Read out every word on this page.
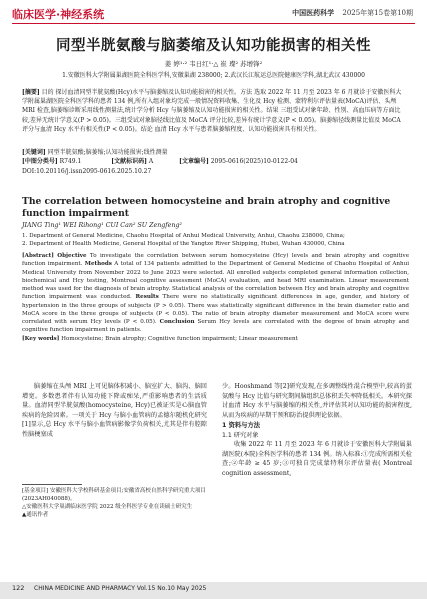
临床医学·神经系统	中国医药科学 2025年第15卷第10期
同型半胱氨酸与脑萎缩及认知功能损害的相关性
姜 婷¹·² 韦日红¹·△ 崔 璨² 苏增锋²
1.安徽医科大学附属巢湖医院全科医学科,安徽巢湖 238000; 2.武汉长江航运总医院健康医学科,湖北武汉 430000

[摘要] 目的 探讨血清同型半胱氨酸(Hcy)水平与脑萎缩及认知功能损害的相关性。方法 选取 2022 年 11 月至 2023 年 6 月就诊于安徽医科大学附属巢湖医院全科医学科的患者 134 例,所有入组对象均完成一般情况资料收集、生化及 Hcy 检测、蒙特利尔评估量表(MoCA)评估、头颅 MRI 检查,脑萎缩诊断采用线性测量法,统计学分析 Hcy 与脑萎缩及认知功能损害的相关性。结果 三组受试对象年龄、性别、高血压病等方面比较,差异无统计学意义(P > 0.05)。三组受试对象脑径线比值及 MoCA 评分比较,差异有统计学意义(P < 0.05)。脑萎缩径线测量比值及 MoCA 评分与血清 Hcy 水平有相关性(P < 0.05)。结论 血清 Hcy 水平与患者脑萎缩程度、认知功能损害具有相关性。

[关键词] 同型半胱氨酸;脑萎缩;认知功能损害;线性测量
[中图分类号] R749.1	[文献标识码] A	[文章编号] 2095-0616(2025)10-0122-04
DOI:10.20116/j.issn2095-0616.2025.10.27
The correlation between homocysteine and brain atrophy and cognitive function impairment
JIANG Ting¹ WEI Rihong¹ CUI Can² SU Zengfeng²
1. Department of General Medicine, Chaohu Hospital of Anhui Medical University, Anhui, Chaohu 238000, China;
2. Department of Health Medicine, General Hospital of the Yangtze River Shipping, Hubei, Wuhan 430000, China

[Abstract] Objective To investigate the correlation between serum homocysteine (Hcy) levels and brain atrophy and cognitive function impairment. Methods A total of 134 patients admitted to the Department of General Medicine of Chaohu Hospital of Anhui Medical University from November 2022 to June 2023 were selected. All enrolled subjects completed general information collection, biochemical and Hcy testing, Montreal cognitive assessment (MoCA) evaluation, and head MRI examination. Linear measurement method was used for the diagnosis of brain atrophy. Statistical analysis of the correlation between Hcy and brain atrophy and cognitive function impairment was conducted. Results There were no statistically significant differences in age, gender, and history of hypertension in the three groups of subjects (P > 0.05). There was statistically significant difference in the brain diameter ratio and MoCA score in the three groups of subjects (P < 0.05). The ratio of brain atrophy diameter measurement and MoCA score were correlated with serum Hcy levels (P < 0.05). Conclusion Serum Hcy levels are correlated with the degree of brain atrophy and cognitive function impairment in patients.

[Key words] Homocysteine; Brain atrophy; Cognitive function impairment; Linear measurement

脑萎缩在头颅 MRI 上可见脑体积减小、脑室扩大、脑沟、脑回增宽。多数患者伴有认知功能下降或痴呆,严重影响患者的生活质量。血清同型半胱氨酸(homocysteine, Hcy)已被证实是心脑血管疾病的危险因素。一项关于 Hcy 与脑小血管病的孟德尔随机化研究[1]显示,总 Hcy 水平与脑小血管病影像学负荷相关,尤其是伴有腔隙性脑梗塞成

[基金项目] 安徽医科大学校科研基金项目;安徽省高校自然科学研究重大项目(2023AH040088)。

△安徽医科大学巢湖临床医学院 2022 级全科医学专业在读硕士研究生

▲通讯作者

少。Hooshmand 等[2]研究发现,在多调整线性混合模型中,较高的蛋氨酸与 Hcy 比值与研究期间脑组织总体积丢失率降低相关。本研究探讨血清 Hcy 水平与脑萎缩的相关性,并评估其对认知功能的损害程度,从而为疾病的早期干预和防治提供理论依据。

1 资料与方法
1.1 研究对象

收集 2022 年 11 月至 2023 年 6 月就诊于安徽医科大学附属巢湖医院(本院)全科医学科的患者 134 例。纳入标准:①完成所需相关检查;②年龄 ≥ 45 岁;③可独自完成蒙特利尔评估量表( Montreal cognition assessment,

122 CHINA MEDICINE AND PHARMACY Vol.15 No.10 May 2025
